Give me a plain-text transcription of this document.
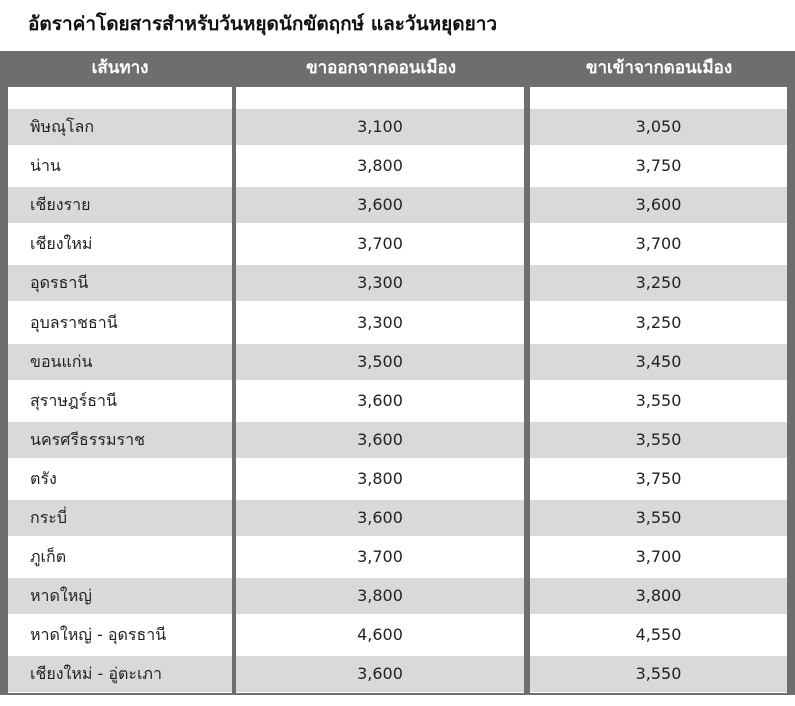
อัตราค่าโดยสารสำหรับวันหยุดนักขัตฤกษ์ และวันหยุดยาว
เส้นทาง	ขาออกจากดอนเมือง	ขาเข้าจากดอนเมือง
พิษณุโลก
น่าน
เชียงราย
เชียงใหม่
อุดรธานี
อุบลราชธานี
ขอนแก่น
สุราษฎร์ธานี
นครศรีธรรมราช
ตรัง
กระบี่
ภูเก็ต
หาดใหญ่
หาดใหญ่ - อุดรธานี
เชียงใหม่ - อู่ตะเภา
3,100
3,800
3,600
3,700
3,300
3,300
3,500
3,600
3,600
3,800
3,600
3,700
3,800
4,600
3,600
3,050
3,750
3,600
3,700
3,250
3,250
3,450
3,550
3,550
3,750
3,550
3,700
3,800
4,550
3,550
